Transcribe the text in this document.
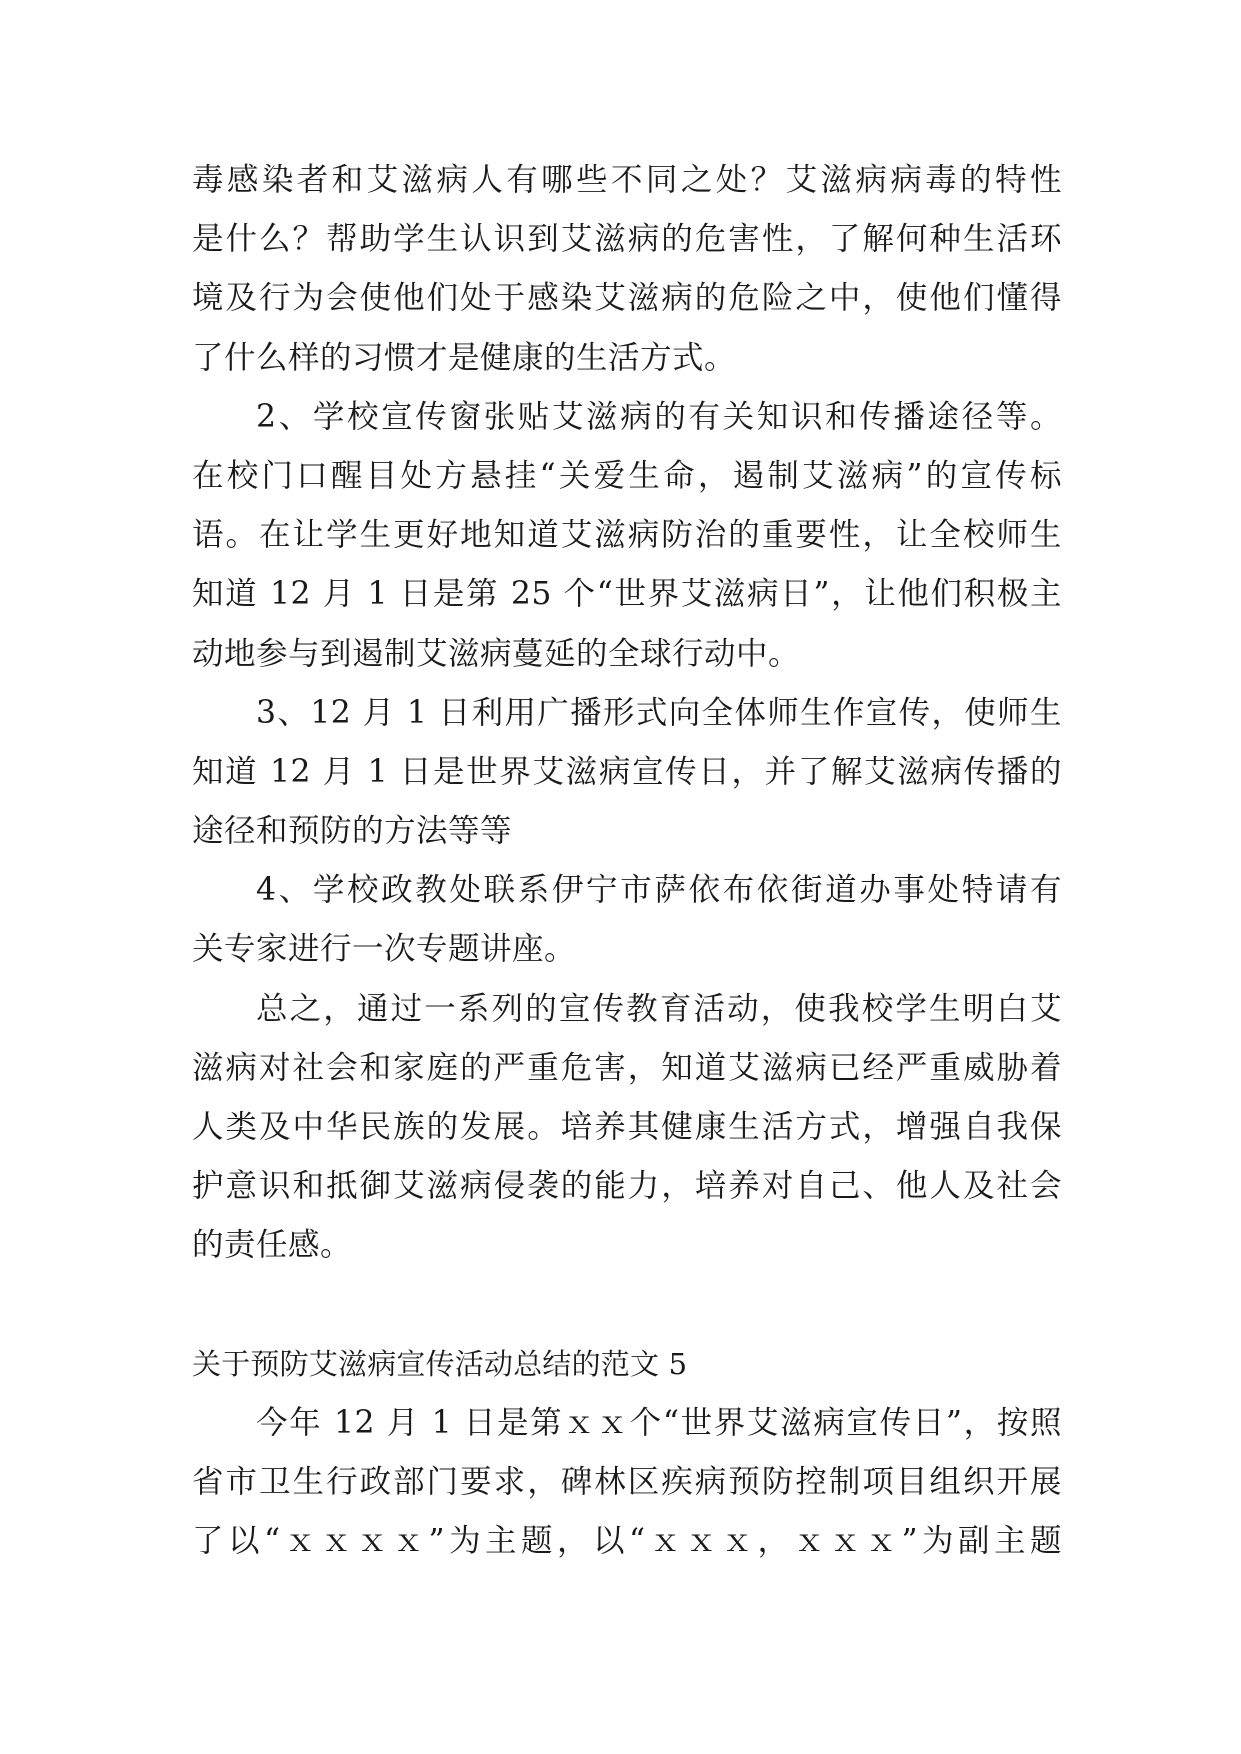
毒感染者和艾滋病人有哪些不同之处？艾滋病病毒的特性
是什么？帮助学生认识到艾滋病的危害性，了解何种生活环
境及行为会使他们处于感染艾滋病的危险之中，使他们懂得
了什么样的习惯才是健康的生活方式。
2、学校宣传窗张贴艾滋病的有关知识和传播途径等。
在校门口醒目处方悬挂“关爱生命，遏制艾滋病”的宣传标
语。在让学生更好地知道艾滋病防治的重要性，让全校师生
知道 12 月 1 日是第 25 个“世界艾滋病日”，让他们积极主
动地参与到遏制艾滋病蔓延的全球行动中。
3、12 月 1 日利用广播形式向全体师生作宣传，使师生
知道 12 月 1 日是世界艾滋病宣传日，并了解艾滋病传播的
途径和预防的方法等等
4、学校政教处联系伊宁市萨依布依街道办事处特请有
关专家进行一次专题讲座。
总之，通过一系列的宣传教育活动，使我校学生明白艾
滋病对社会和家庭的严重危害，知道艾滋病已经严重威胁着
人类及中华民族的发展。培养其健康生活方式，增强自我保
护意识和抵御艾滋病侵袭的能力，培养对自己、他人及社会
的责任感。
关于预防艾滋病宣传活动总结的范文 5
今年 12 月 1 日是第ｘｘ个“世界艾滋病宣传日”，按照
省市卫生行政部门要求，碑林区疾病预防控制项目组织开展
了以“ｘｘｘｘ”为主题，以“ｘｘｘ，ｘｘｘ”为副主题
